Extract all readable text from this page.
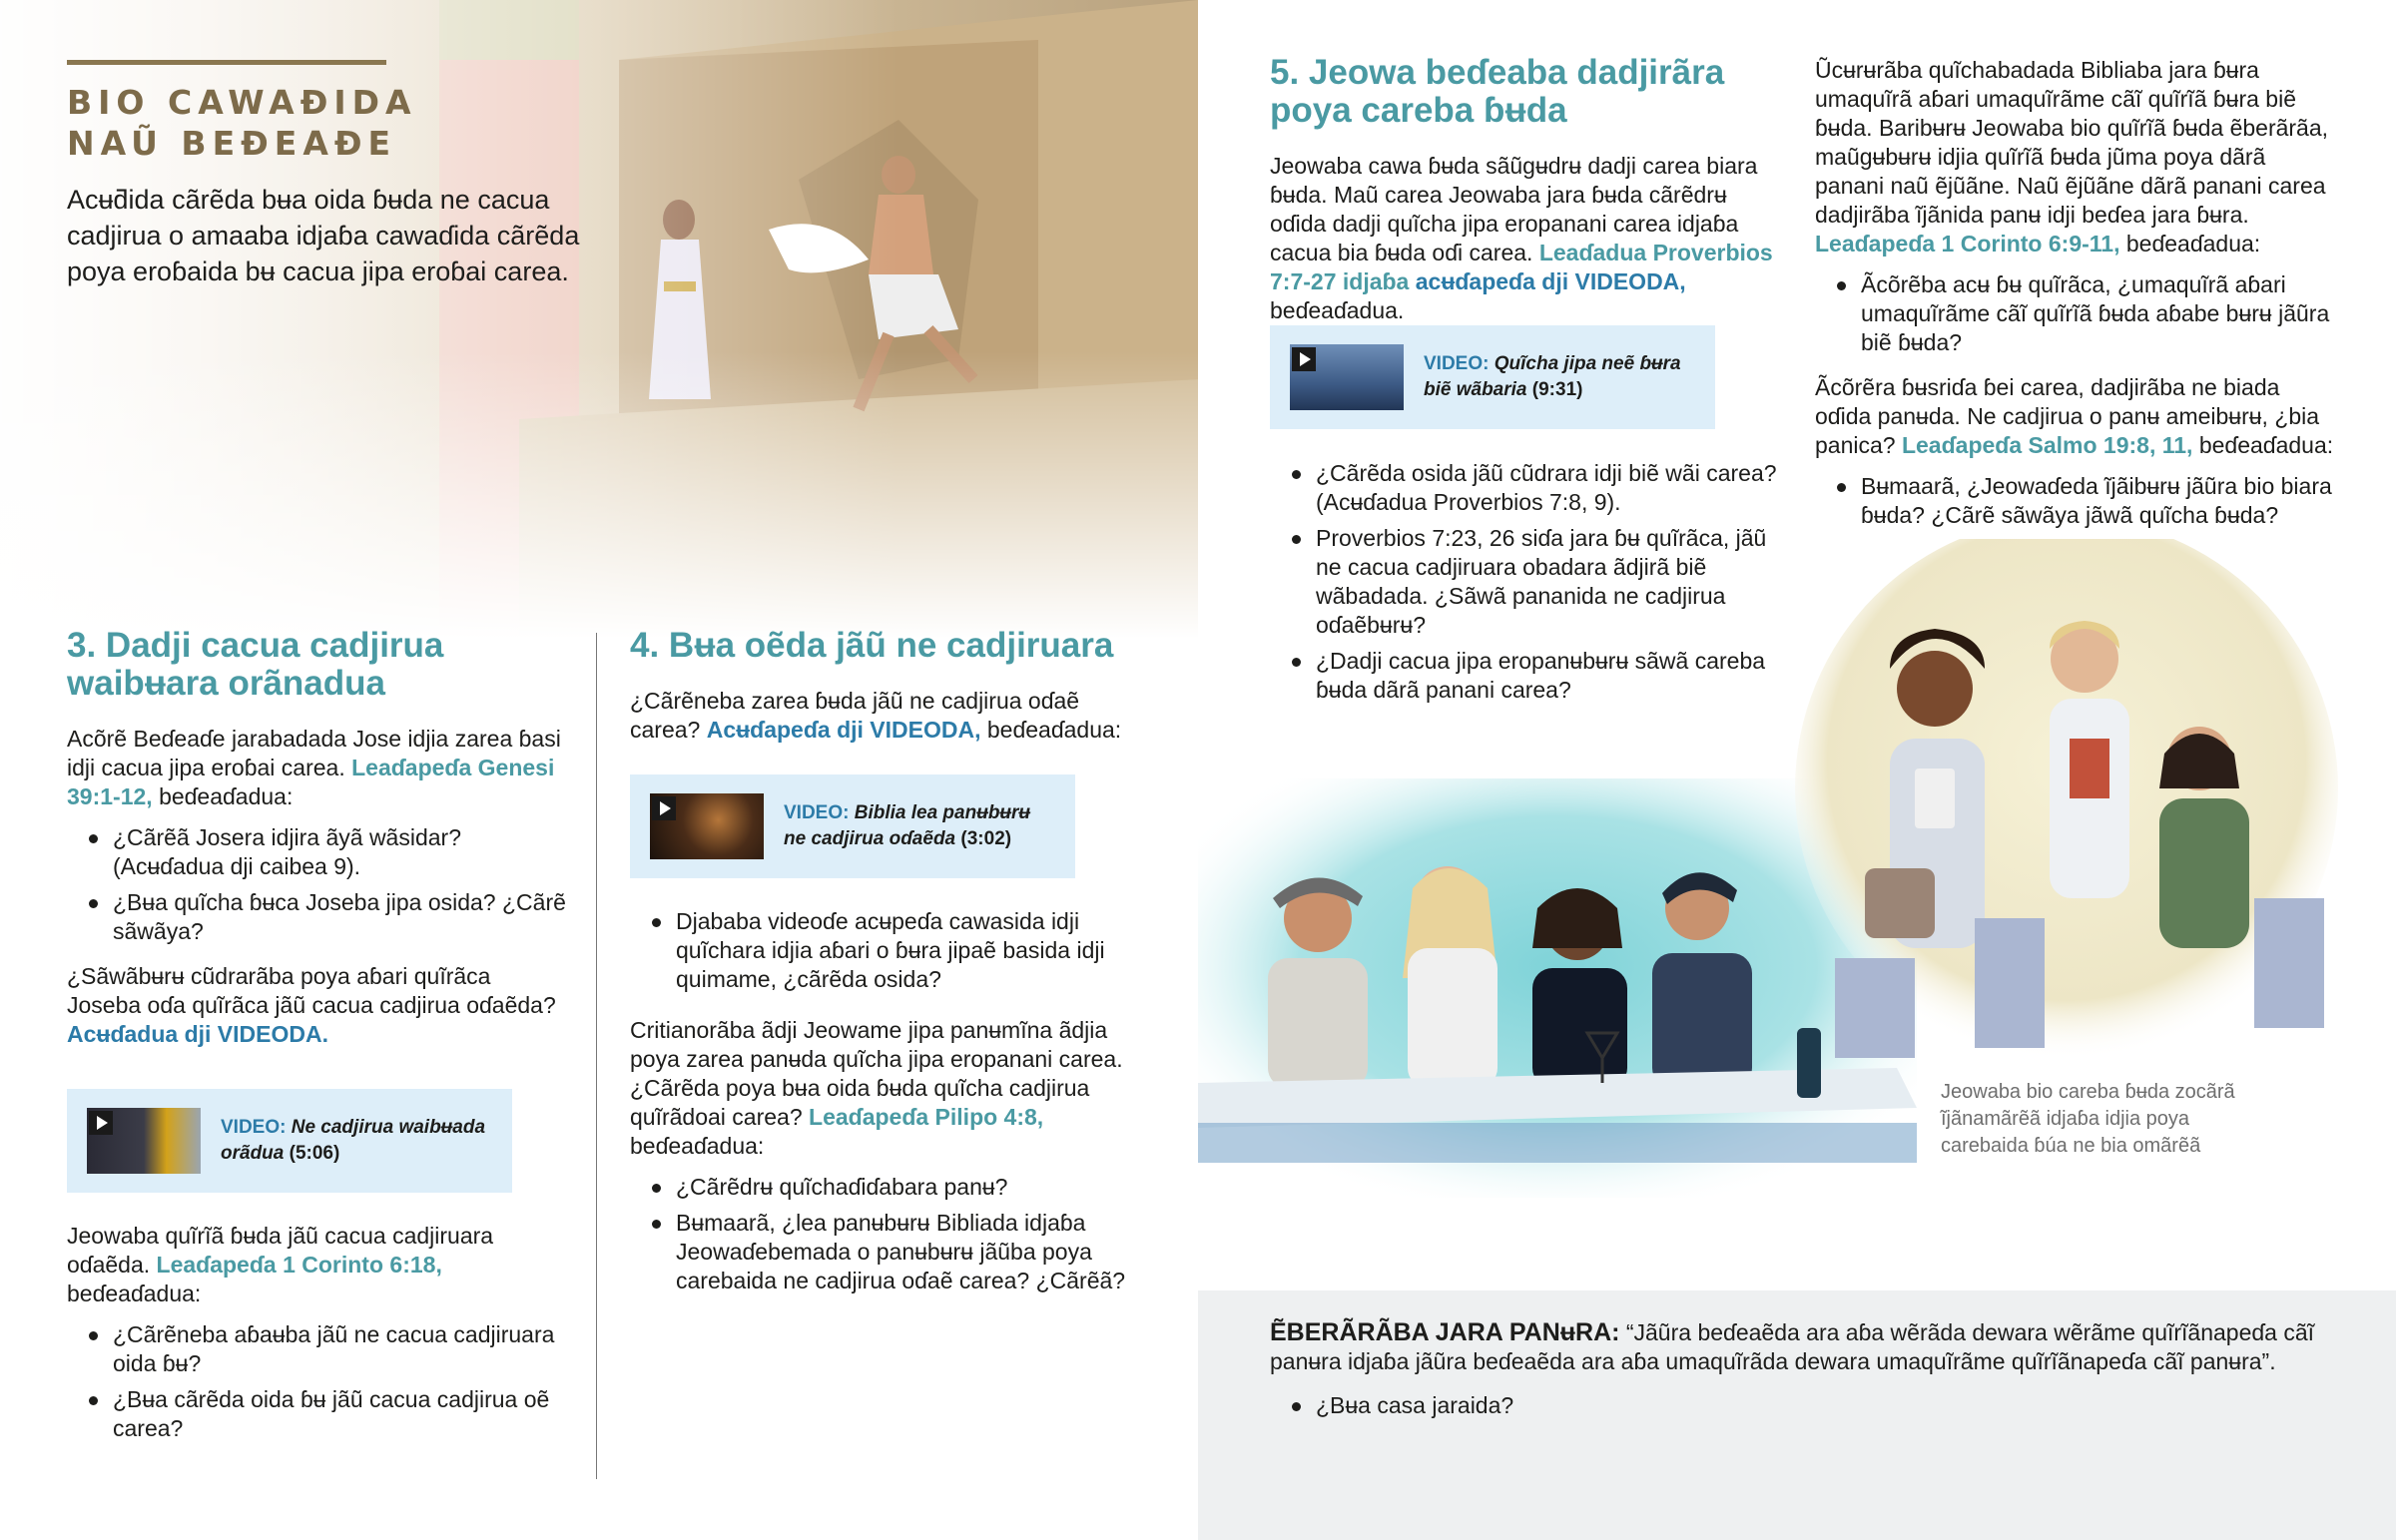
BIO CAWAƉIDA
NAŨ BEƉEAƉE

Acʉƌida cãrẽda bʉa oida ɓʉda ne cacua cadjirua o amaaba idjaɓa cawaɗida cãrẽda poya eroɓaida bʉ cacua jipa eroɓai carea.

3. Dadji cacua cadjirua waibʉara orãnadua

Acõrẽ Beɗeaɗe jarabadada Jose idjia zarea ɓasi idji cacua jipa eroɓai carea. Leaɗapeɗa Genesi 39:1-12, beɗeaɗadua:

¿Cãrẽã Josera idjira ãyã wãsidar? (Acʉɗadua dji caibea 9).
¿Bʉa quĩcha ɓʉca Joseba jipa osida? ¿Cãrẽ sãwãya?

¿Sãwãbʉrʉ cũdrarãba poya aɓari quĩrãca Joseba oɗa quĩrãca jãũ cacua cadjirua oɗaẽda? Acʉɗadua dji VIDEODA.

VIDEO: Ne cadjirua waibʉada orãdua (5:06)

Jeowaba quĩrĩã ɓʉda jãũ cacua cadjiruara oɗaẽda. Leaɗapeɗa 1 Corinto 6:18, beɗeaɗadua:

¿Cãrẽneba aɓaʉba jãũ ne cacua cadjiruara oida ɓʉ?
¿Bʉa cãrẽda oida ɓʉ jãũ cacua cadjirua oẽ carea?
4. Bʉa oẽda jãũ ne cadjiruara

¿Cãrẽneba zarea ɓʉda jãũ ne cadjirua oɗaẽ carea? Acʉɗapeɗa dji VIDEODA, beɗeaɗadua:

VIDEO: Biblia lea panʉbʉrʉ ne cadjirua oɗaẽda (3:02)
Djababa videoɗe acʉpeɗa cawasida idji quĩchara idjia aɓari o ɓʉra jipaẽ basida idji quimame, ¿cãrẽda osida?

Critianorãba ãdji Jeowame jipa panʉmĩna ãdjia poya zarea panʉda quĩcha jipa eropanani carea. ¿Cãrẽda poya bʉa oida ɓʉda quĩcha cadjirua quĩrãdoai carea? Leaɗapeɗa Pilipo 4:8, beɗeaɗadua:

¿Cãrẽdrʉ quĩchaɗiɗabara panʉ?
Bʉmaarã, ¿lea panʉbʉrʉ Bibliada idjaɓa Jeowaɗebemada o panʉbʉrʉ jãũba poya carebaida ne cadjirua oɗaẽ carea? ¿Cãrẽã?
5. Jeowa beɗeaba dadjirãra poya careba ɓʉda

Jeowaba cawa ɓʉda sãũgʉdrʉ dadji carea biara ɓʉda. Maũ carea Jeowaba jara ɓʉda cãrẽdrʉ oɗida dadji quĩcha jipa eropanani carea idjaɓa cacua bia ɓʉda oɗi carea. Leaɗadua Proverbios 7:7-27 idjaɓa acʉɗapeɗa dji VIDEODA, beɗeaɗadua.

VIDEO: Quĩcha jipa neẽ ɓʉra biẽ wãbaria (9:31)
¿Cãrẽda osida jãũ cũdrara idji biẽ wãi carea? (Acʉɗadua Proverbios 7:8, 9).
Proverbios 7:23, 26 siɗa jara ɓʉ quĩrãca, jãũ ne cacua cadjiruara obadara ãdjirã biẽ wãbadada. ¿Sãwã pananida ne cadjirua oɗaẽbʉrʉ?
¿Dadji cacua jipa eropanʉbʉrʉ sãwã careba ɓʉda dãrã panani carea?

Ũcʉrʉrãba quĩchabadada Bibliaba jara ɓʉra umaquĩrã aɓari umaquĩrãme cãĩ quĩrĩã ɓʉra biẽ ɓʉda. Baribʉrʉ Jeowaba bio quĩrĩã ɓʉda ẽberãrãa, maũgʉbʉrʉ idjia quĩrĩã ɓʉda jũma poya dãrã panani naũ ẽjũãne. Naũ ẽjũãne dãrã panani carea dadjirãba ĩjãnida panʉ idji beɗea jara ɓʉra. Leaɗapeɗa 1 Corinto 6:9-11, beɗeaɗadua:

Ãcõrẽba acʉ ɓʉ quĩrãca, ¿umaquĩrã aɓari umaquĩrãme cãĩ quĩrĩã ɓʉda aɓabe bʉrʉ jãũra biẽ ɓʉda?

Ãcõrẽra ɓʉsriɗa ɓei carea, dadjirãba ne biada oɗida panʉda. Ne cadjirua o panʉ ameibʉrʉ, ¿bia panica? Leaɗapeɗa Salmo 19:8, 11, beɗeaɗadua:

Bʉmaarã, ¿Jeowaɗeda ĩjãibʉrʉ jãũra bio biara ɓʉda? ¿Cãrẽ sãwãya jãwã quĩcha ɓʉda?

Jeowaba bio careba ɓʉda zocãrã ĩjãnamãrẽã idjaɓa idjia poya carebaida ɓúa ne bia omãrẽã

ẼBERÃRÃBA JARA PANʉRA: “Jãũra beɗeaẽda ara aɓa wẽrãda dewara wẽrãme quĩrĩãnapeɗa cãĩ panʉra idjaɓa jãũra beɗeaẽda ara aɓa umaquĩrãda dewara umaquĩrãme quĩrĩãnapeɗa cãĩ panʉra”.

¿Bʉa casa jaraida?
